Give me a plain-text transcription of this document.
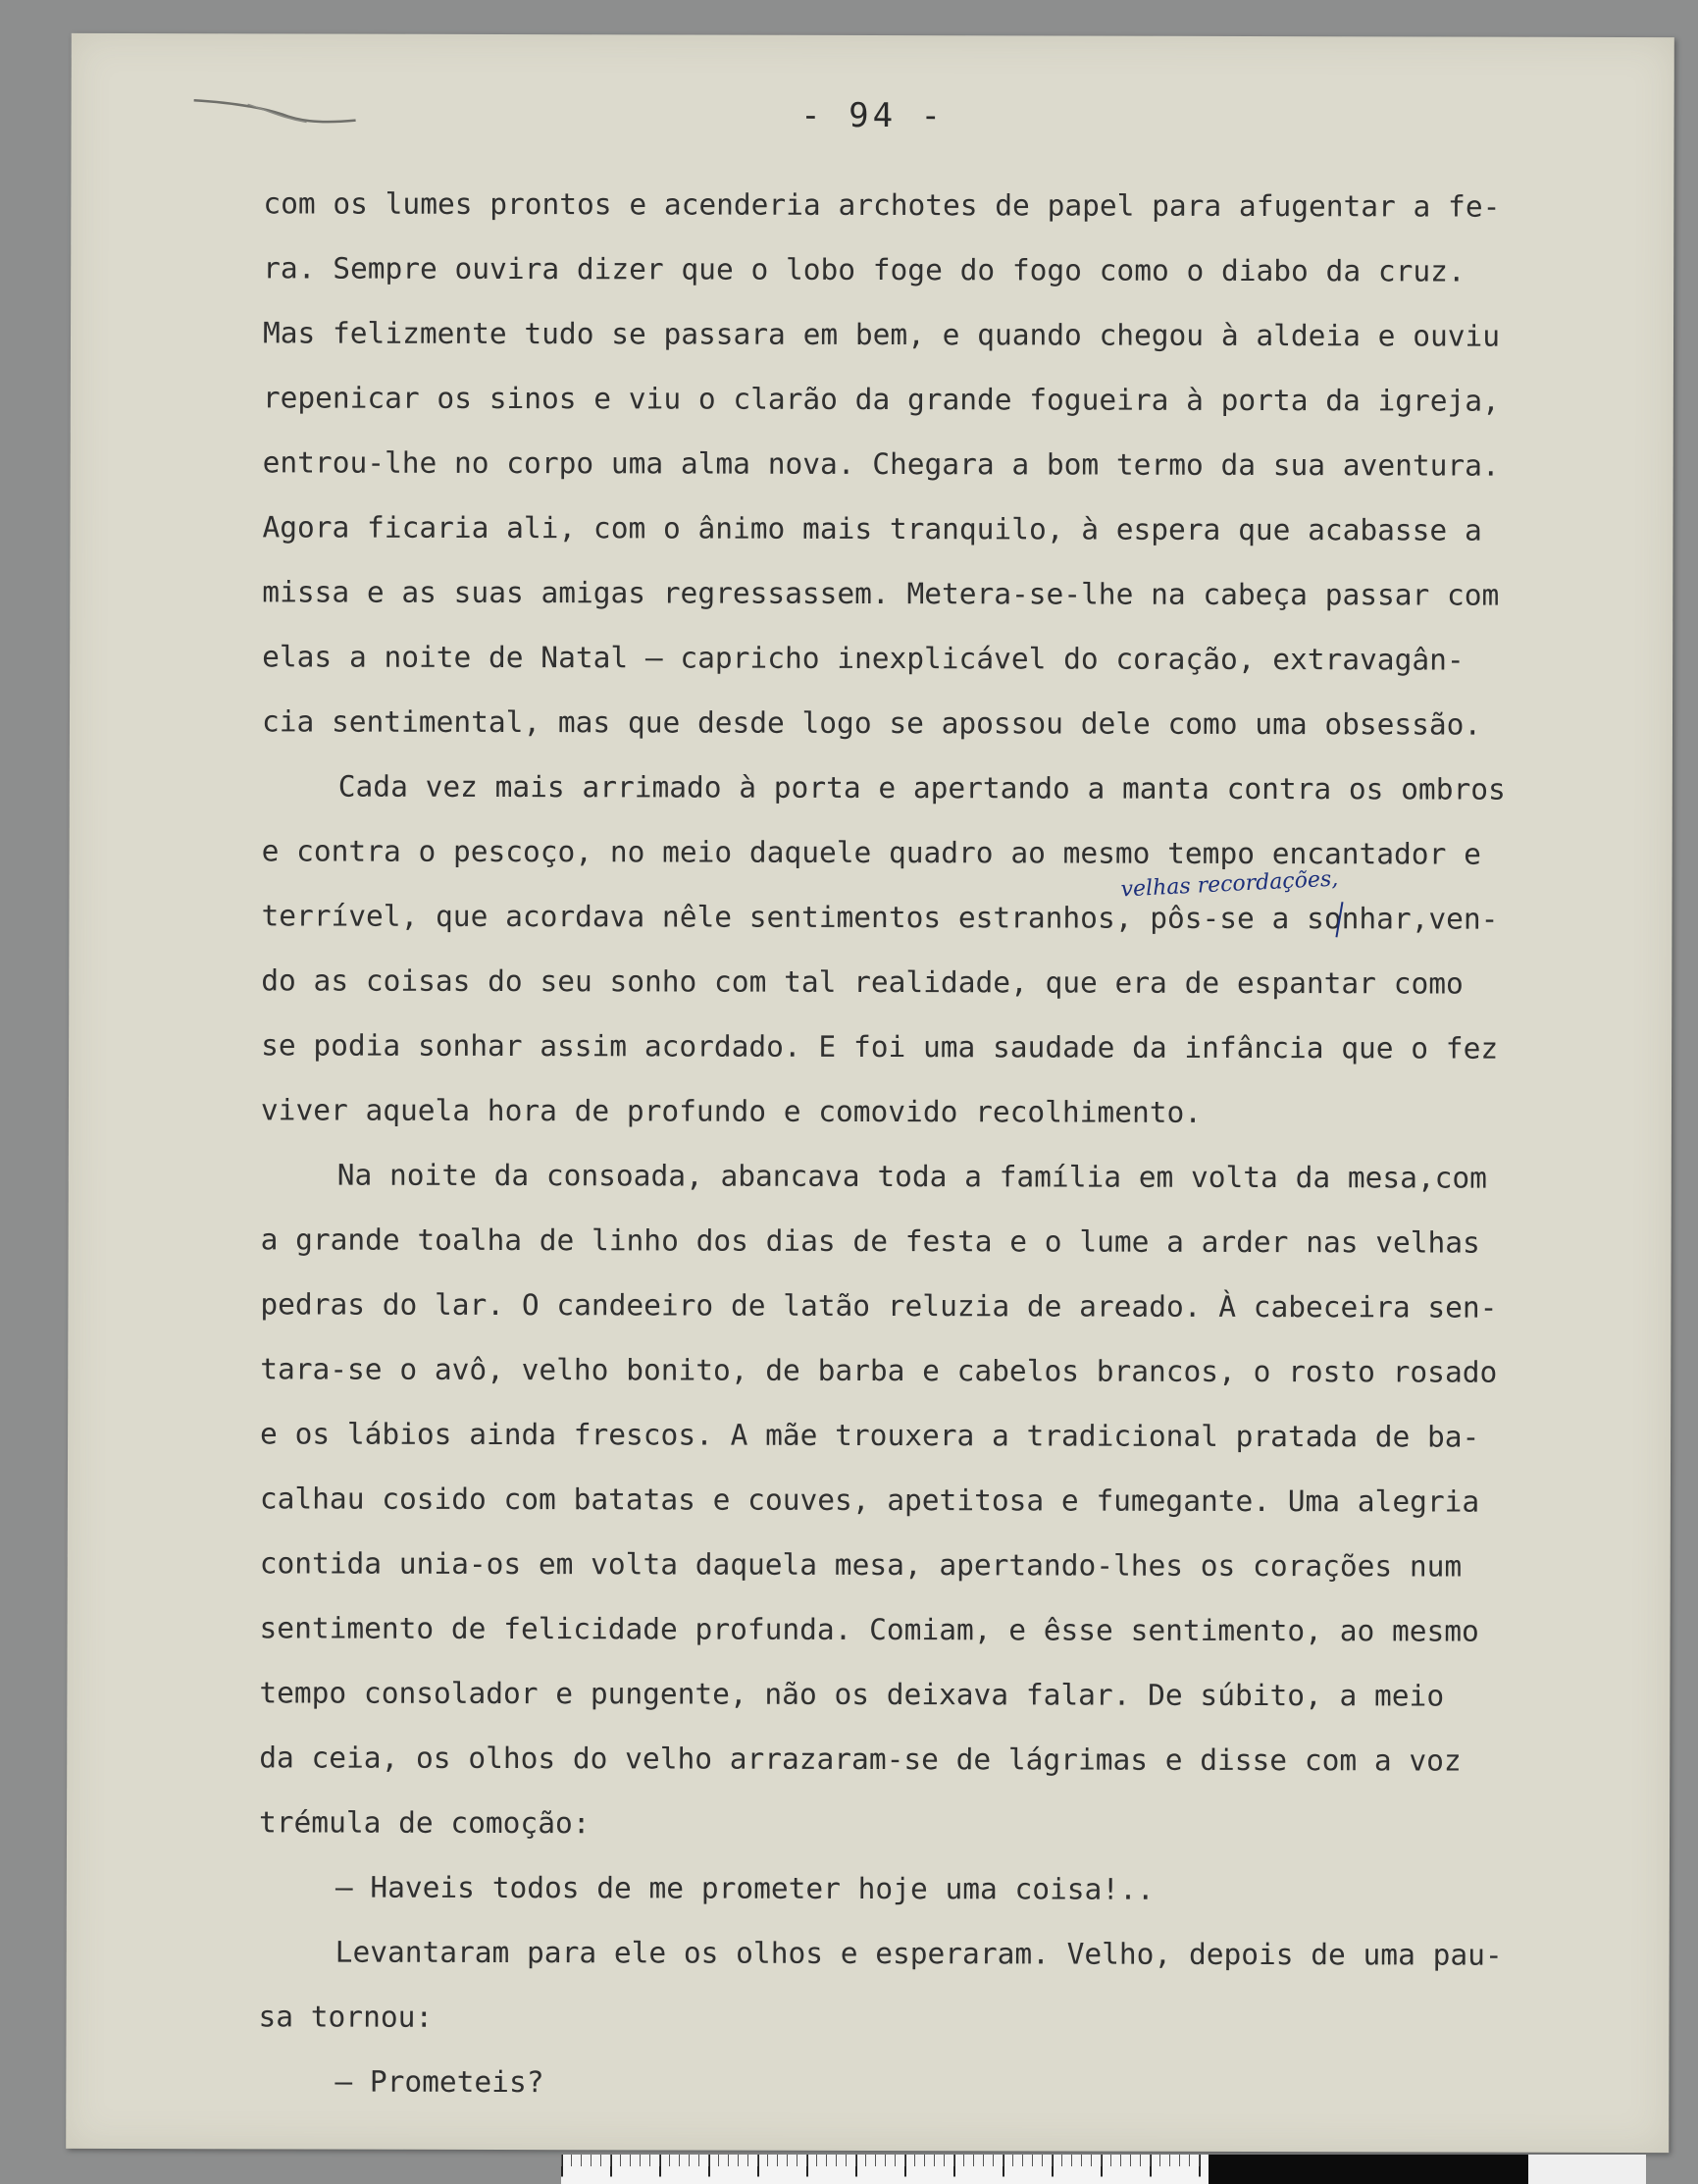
- 94 -
com os lumes prontos e acenderia archotes de papel para afugentar a fe-
ra. Sempre ouvira dizer que o lobo foge do fogo como o diabo da cruz.
Mas felizmente tudo se passara em bem, e quando chegou à aldeia e ouviu
repenicar os sinos e viu o clarão da grande fogueira à porta da igreja,
entrou-lhe no corpo uma alma nova. Chegara a bom termo da sua aventura.
Agora ficaria ali, com o ânimo mais tranquilo, à espera que acabasse a
missa e as suas amigas regressassem. Metera-se-lhe na cabeça passar com
elas a noite de Natal — capricho inexplicável do coração, extravagân-
cia sentimental, mas que desde logo se apossou dele como uma obsessão.
Cada vez mais arrimado à porta e apertando a manta contra os ombros
e contra o pescoço, no meio daquele quadro ao mesmo tempo encantador e
terrível, que acordava nêle sentimentos estranhos, pôs-se a sonhar,ven-
do as coisas do seu sonho com tal realidade, que era de espantar como
se podia sonhar assim acordado. E foi uma saudade da infância que o fez
viver aquela hora de profundo e comovido recolhimento.
Na noite da consoada, abancava toda a família em volta da mesa,com
a grande toalha de linho dos dias de festa e o lume a arder nas velhas
pedras do lar. O candeeiro de latão reluzia de areado. À cabeceira sen-
tara-se o avô, velho bonito, de barba e cabelos brancos, o rosto rosado
e os lábios ainda frescos. A mãe trouxera a tradicional pratada de ba-
calhau cosido com batatas e couves, apetitosa e fumegante. Uma alegria
contida unia-os em volta daquela mesa, apertando-lhes os corações num
sentimento de felicidade profunda. Comiam, e êsse sentimento, ao mesmo
tempo consolador e pungente, não os deixava falar. De súbito, a meio
da ceia, os olhos do velho arrazaram-se de lágrimas e disse com a voz
trémula de comoção:
— Haveis todos de me prometer hoje uma coisa!..
Levantaram para ele os olhos e esperaram. Velho, depois de uma pau-
sa tornou:
— Prometeis?
velhas recordações,
